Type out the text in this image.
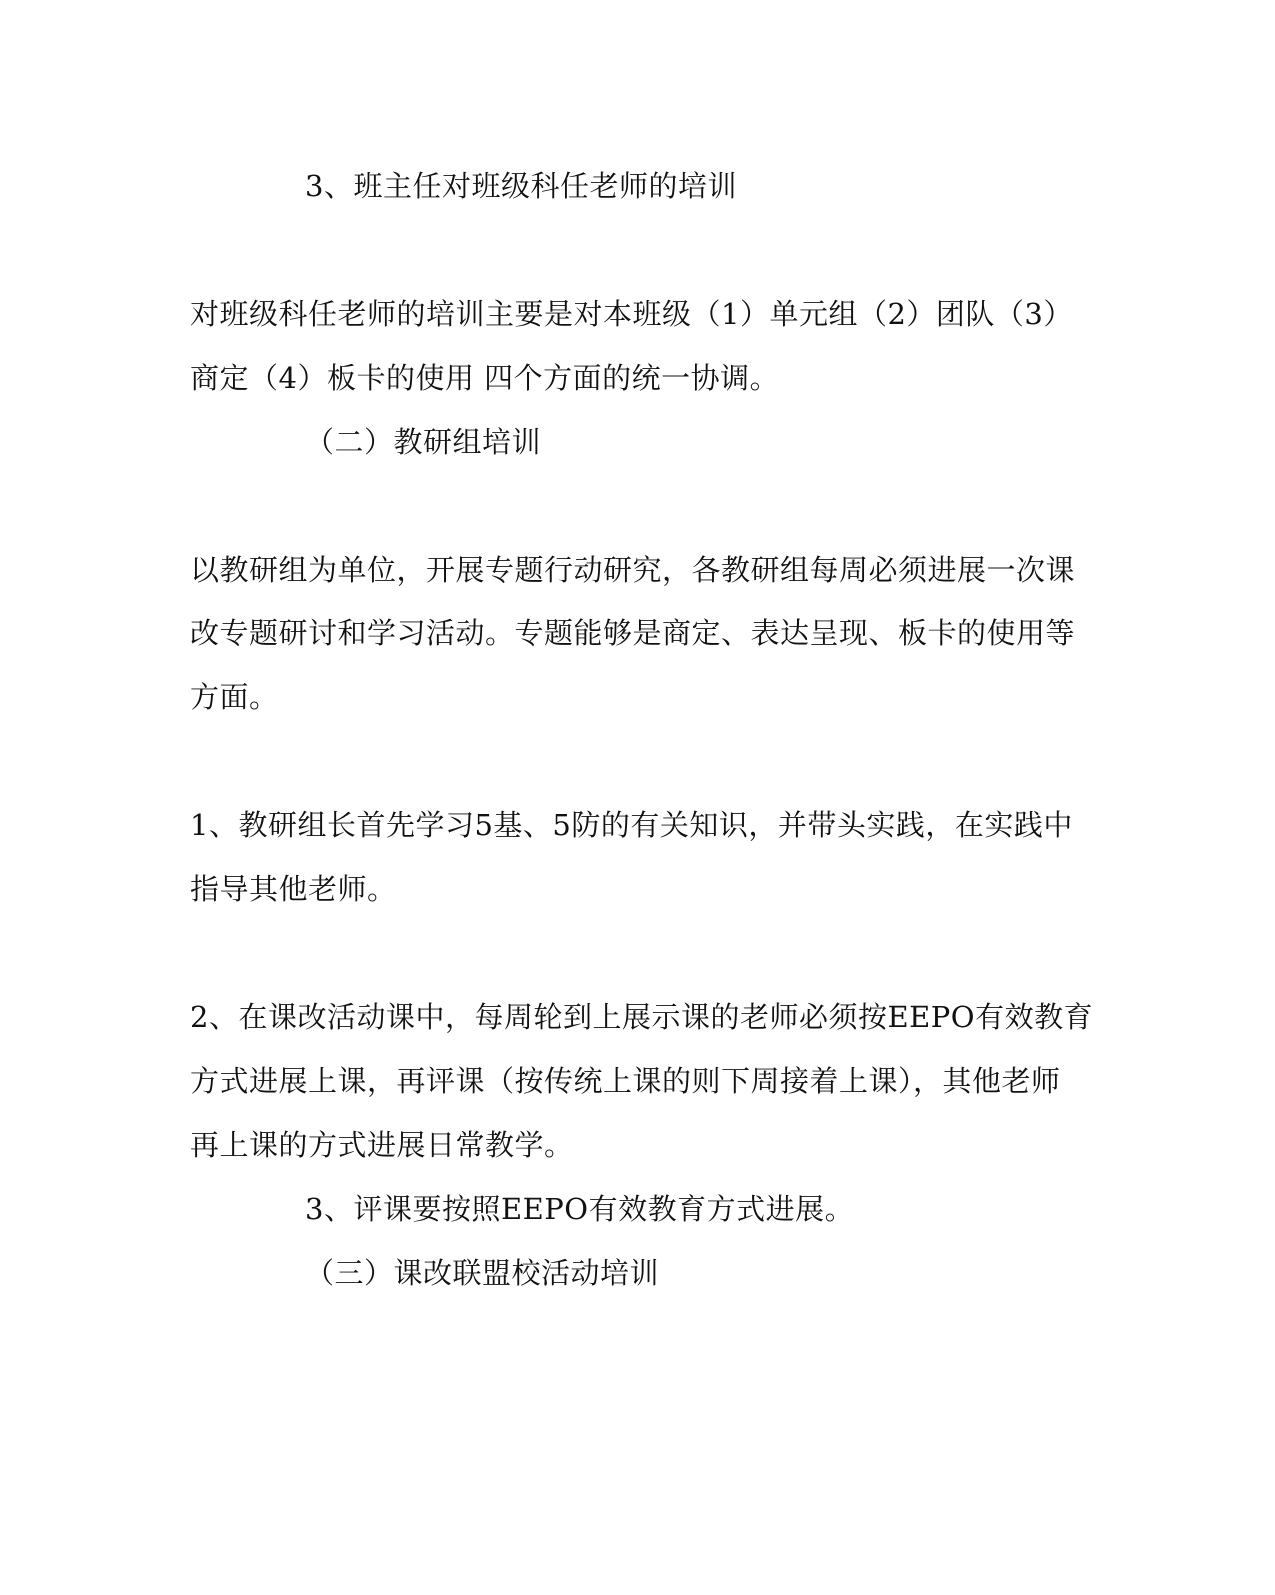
3、班主任对班级科任老师的培训
对班级科任老师的培训主要是对本班级（1）单元组（2）团队（3）
商定（4）板卡的使用 四个方面的统一协调。
（二）教研组培训
以教研组为单位，开展专题行动研究，各教研组每周必须进展一次课
改专题研讨和学习活动。专题能够是商定、表达呈现、板卡的使用等
方面。
1、教研组长首先学习5基、5防的有关知识，并带头实践，在实践中
指导其他老师。
2、在课改活动课中，每周轮到上展示课的老师必须按EEPO有效教育
方式进展上课，再评课（按传统上课的则下周接着上课），其他老师
再上课的方式进展日常教学。
3、评课要按照EEPO有效教育方式进展。
（三）课改联盟校活动培训
